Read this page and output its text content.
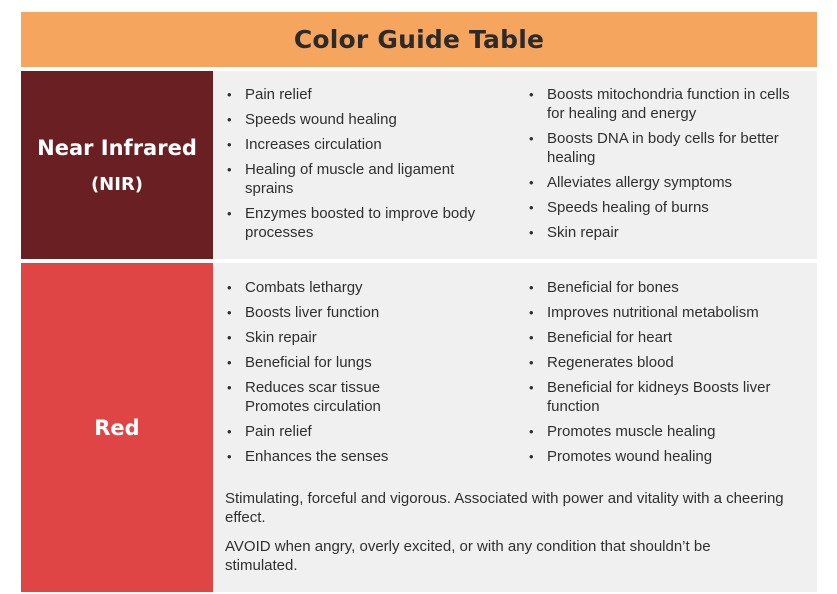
Color Guide Table
Near Infrared
(NIR)
• Pain relief
• Speeds wound healing
• Increases circulation
• Healing of muscle and ligament sprains
• Enzymes boosted to improve body processes
• Boosts mitochondria function in cells for healing and energy
• Boosts DNA in body cells for better healing
• Alleviates allergy symptoms
• Speeds healing of burns
• Skin repair
Red
• Combats lethargy
• Boosts liver function
• Skin repair
• Beneficial for lungs
• Reduces scar tissue Promotes circulation
• Pain relief
• Enhances the senses
• Beneficial for bones
• Improves nutritional metabolism
• Beneficial for heart
• Regenerates blood
• Beneficial for kidneys Boosts liver function
• Promotes muscle healing
• Promotes wound healing

Stimulating, forceful and vigorous. Associated with power and vitality with a cheering effect.

AVOID when angry, overly excited, or with any condition that shouldn’t be stimulated.
